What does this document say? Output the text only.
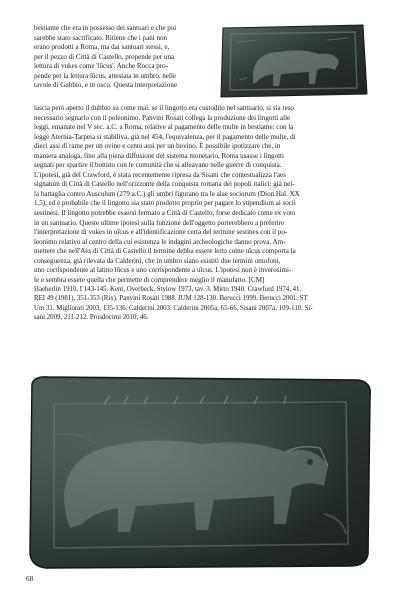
bestiame che era in possesso dei santuari e che poi

sarebbe stato sacrificato. Ritiene che i pani non

erano prodotti a Roma, ma dai santuari stessi, e,

per il pezzo di Città di Castello, propende per una

lettura di vukes come 'lūcus'. Anche Rocca pro-

pende per la lettura lūcus, attestata in umbro, nelle

tavole di Gubbio, e in osco. Questa interpretazione

lascia però aperto il dubbio su come mai, se il lingotto era custodito nel santuario, si sia reso

necessario segnarlo con il poleonimo. Panvini Rosati collega la produzione dei lingotti alle

leggi, emanate nel V sec. a.C. a Roma, relative al pagamento delle multe in bestiame: con la

legge Aternia-Tarpeia si stabiliva, già nel 454, l'equivalenza, per il pagamento delle multe, di

dieci assi di rame per un ovino e cento assi per un bovino. È possibile ipotizzare che, in

maniera analoga, fino alla piena diffusione del sistema monetario, Roma usasse i lingotti

segnati per spartire il bottino con le comunità che si alleavano nelle guerre di conquista.

L'ipotesi, già del Crawford, è stata recentemente ripresa da Sisani che contestualizza l'aes

signatum di Città di Castello nell'orizzonte della conquista romana dei popoli italici: già nel-

la battaglia contro Ausculum (279 a.C.) gli umbri figurano tra le alae sociorum (Dion.Hal. XX

1,5), ed è probabile che il lingotto sia stato prodotto proprio per pagare lo stipendium ai socii

sestinesi. Il lingotto potrebbe essersi fermato a Città di Castello, forse dedicato come ex voto

in un santuario. Queste ultime ipotesi sulla funzione dell'oggetto porterebbero a preferire

l'interpretazione di vukes in uīcus e all'identificazione certa del termine sestines con il po-

leonimo relativo al centro della cui esistenza le indagini archeologiche danno prova. Am-

mettere che nell'Aes di Città di Castello il termine debba essere letto come uīcus comporta la

conseguenza, già rilevata da Calderini, che in umbro siano esistiti due termini omofoni,

uno corrispondente al latino lūcus e uno corrispondente a uīcus. L'ipotesi non è inverosimi-

le e sembra essere quella che permette di comprendere meglio il manufatto. [CM]

Haeberlin 1910, I 143-145. Kent, Overbeck, Stylow 1973, tav. 3. Mirto 1940. Crawford 1974, 41.

REI 49 (1981), 351-353 (Rix). Panvini Rosati 1988. IUM 128-130. Berucci 1999. Berucci 2001. ST

Um 31. Migliorati 2003, 135-136. Calderini 2003. Calderini 2005a, 65-66. Sisani 2007a, 109-110. Si-

sani 2009, 211-212. Prosdocimi 2010, 46.

68
